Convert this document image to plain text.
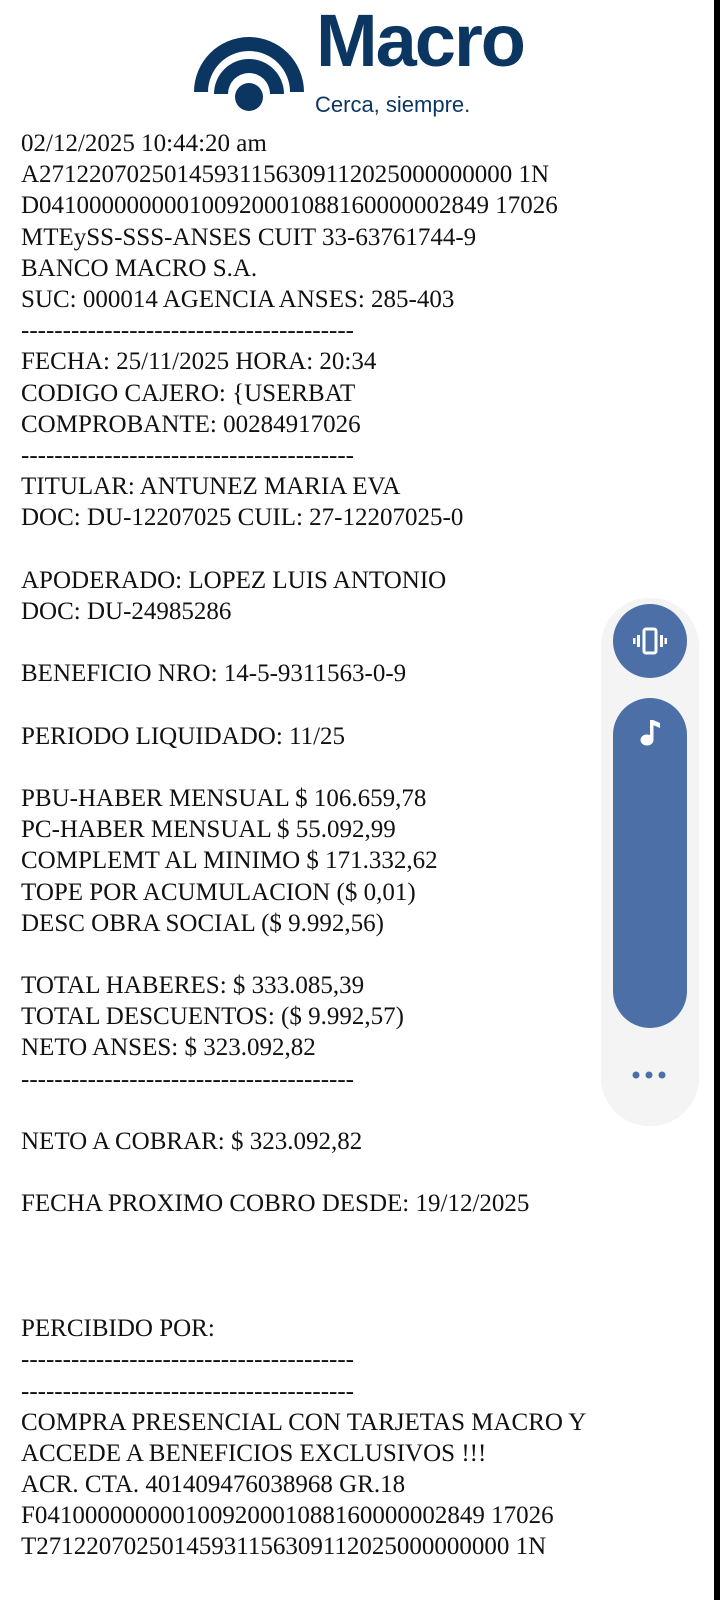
Macro
Cerca, siempre.
02/12/2025 10:44:20 am
A27122070250145931156309112025000000000 1N
D041000000000100920001088160000002849 17026
MTEySS-SSS-ANSES CUIT 33-63761744-9
BANCO MACRO S.A.
SUC: 000014 AGENCIA ANSES: 285-403
----------------------------------------
FECHA: 25/11/2025 HORA: 20:34
CODIGO CAJERO: {USERBAT
COMPROBANTE: 00284917026
----------------------------------------
TITULAR: ANTUNEZ MARIA EVA
DOC: DU-12207025 CUIL: 27-12207025-0
APODERADO: LOPEZ LUIS ANTONIO
DOC: DU-24985286
BENEFICIO NRO: 14-5-9311563-0-9
PERIODO LIQUIDADO: 11/25
PBU-HABER MENSUAL $ 106.659,78
PC-HABER MENSUAL $ 55.092,99
COMPLEMT AL MINIMO $ 171.332,62
TOPE POR ACUMULACION ($ 0,01)
DESC OBRA SOCIAL ($ 9.992,56)
TOTAL HABERES: $ 333.085,39
TOTAL DESCUENTOS: ($ 9.992,57)
NETO ANSES: $ 323.092,82
----------------------------------------
NETO A COBRAR: $ 323.092,82
FECHA PROXIMO COBRO DESDE: 19/12/2025
PERCIBIDO POR:
----------------------------------------
----------------------------------------
COMPRA PRESENCIAL CON TARJETAS MACRO Y
ACCEDE A BENEFICIOS EXCLUSIVOS !!!
ACR. CTA. 401409476038968 GR.18
F041000000000100920001088160000002849 17026
T27122070250145931156309112025000000000 1N
